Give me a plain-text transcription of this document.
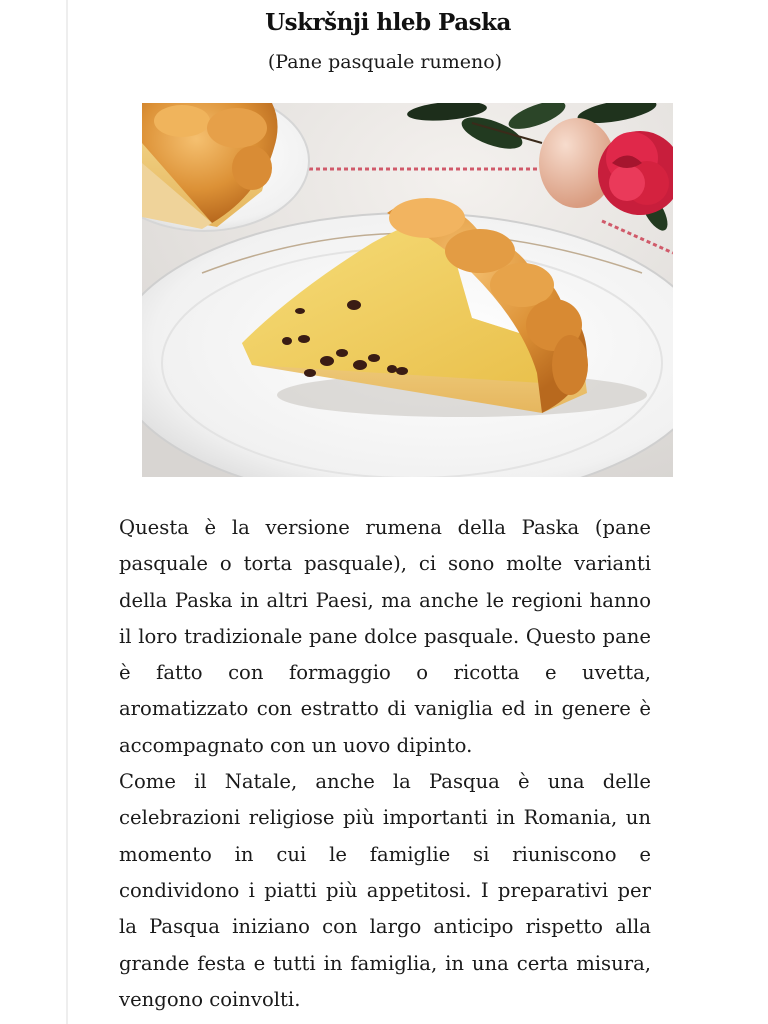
Uskršnji hleb Paska
(Pane pasquale rumeno)

Questa è la versione rumena della Paska (pane pasquale o torta pasquale), ci sono molte varianti della Paska in altri Paesi, ma anche le regioni hanno il loro tradizionale pane dolce pasquale. Questo pane è fatto con formaggio o ricotta e uvetta, aromatizzato con estratto di vaniglia ed in genere è accompagnato con un uovo dipinto.

Come il Natale, anche la Pasqua è una delle celebrazioni religiose più importanti in Romania, un momento in cui le famiglie si riuniscono e condividono i piatti più appetitosi. I preparativi per la Pasqua iniziano con largo anticipo rispetto alla grande festa e tutti in famiglia, in una certa misura, vengono coinvolti.
